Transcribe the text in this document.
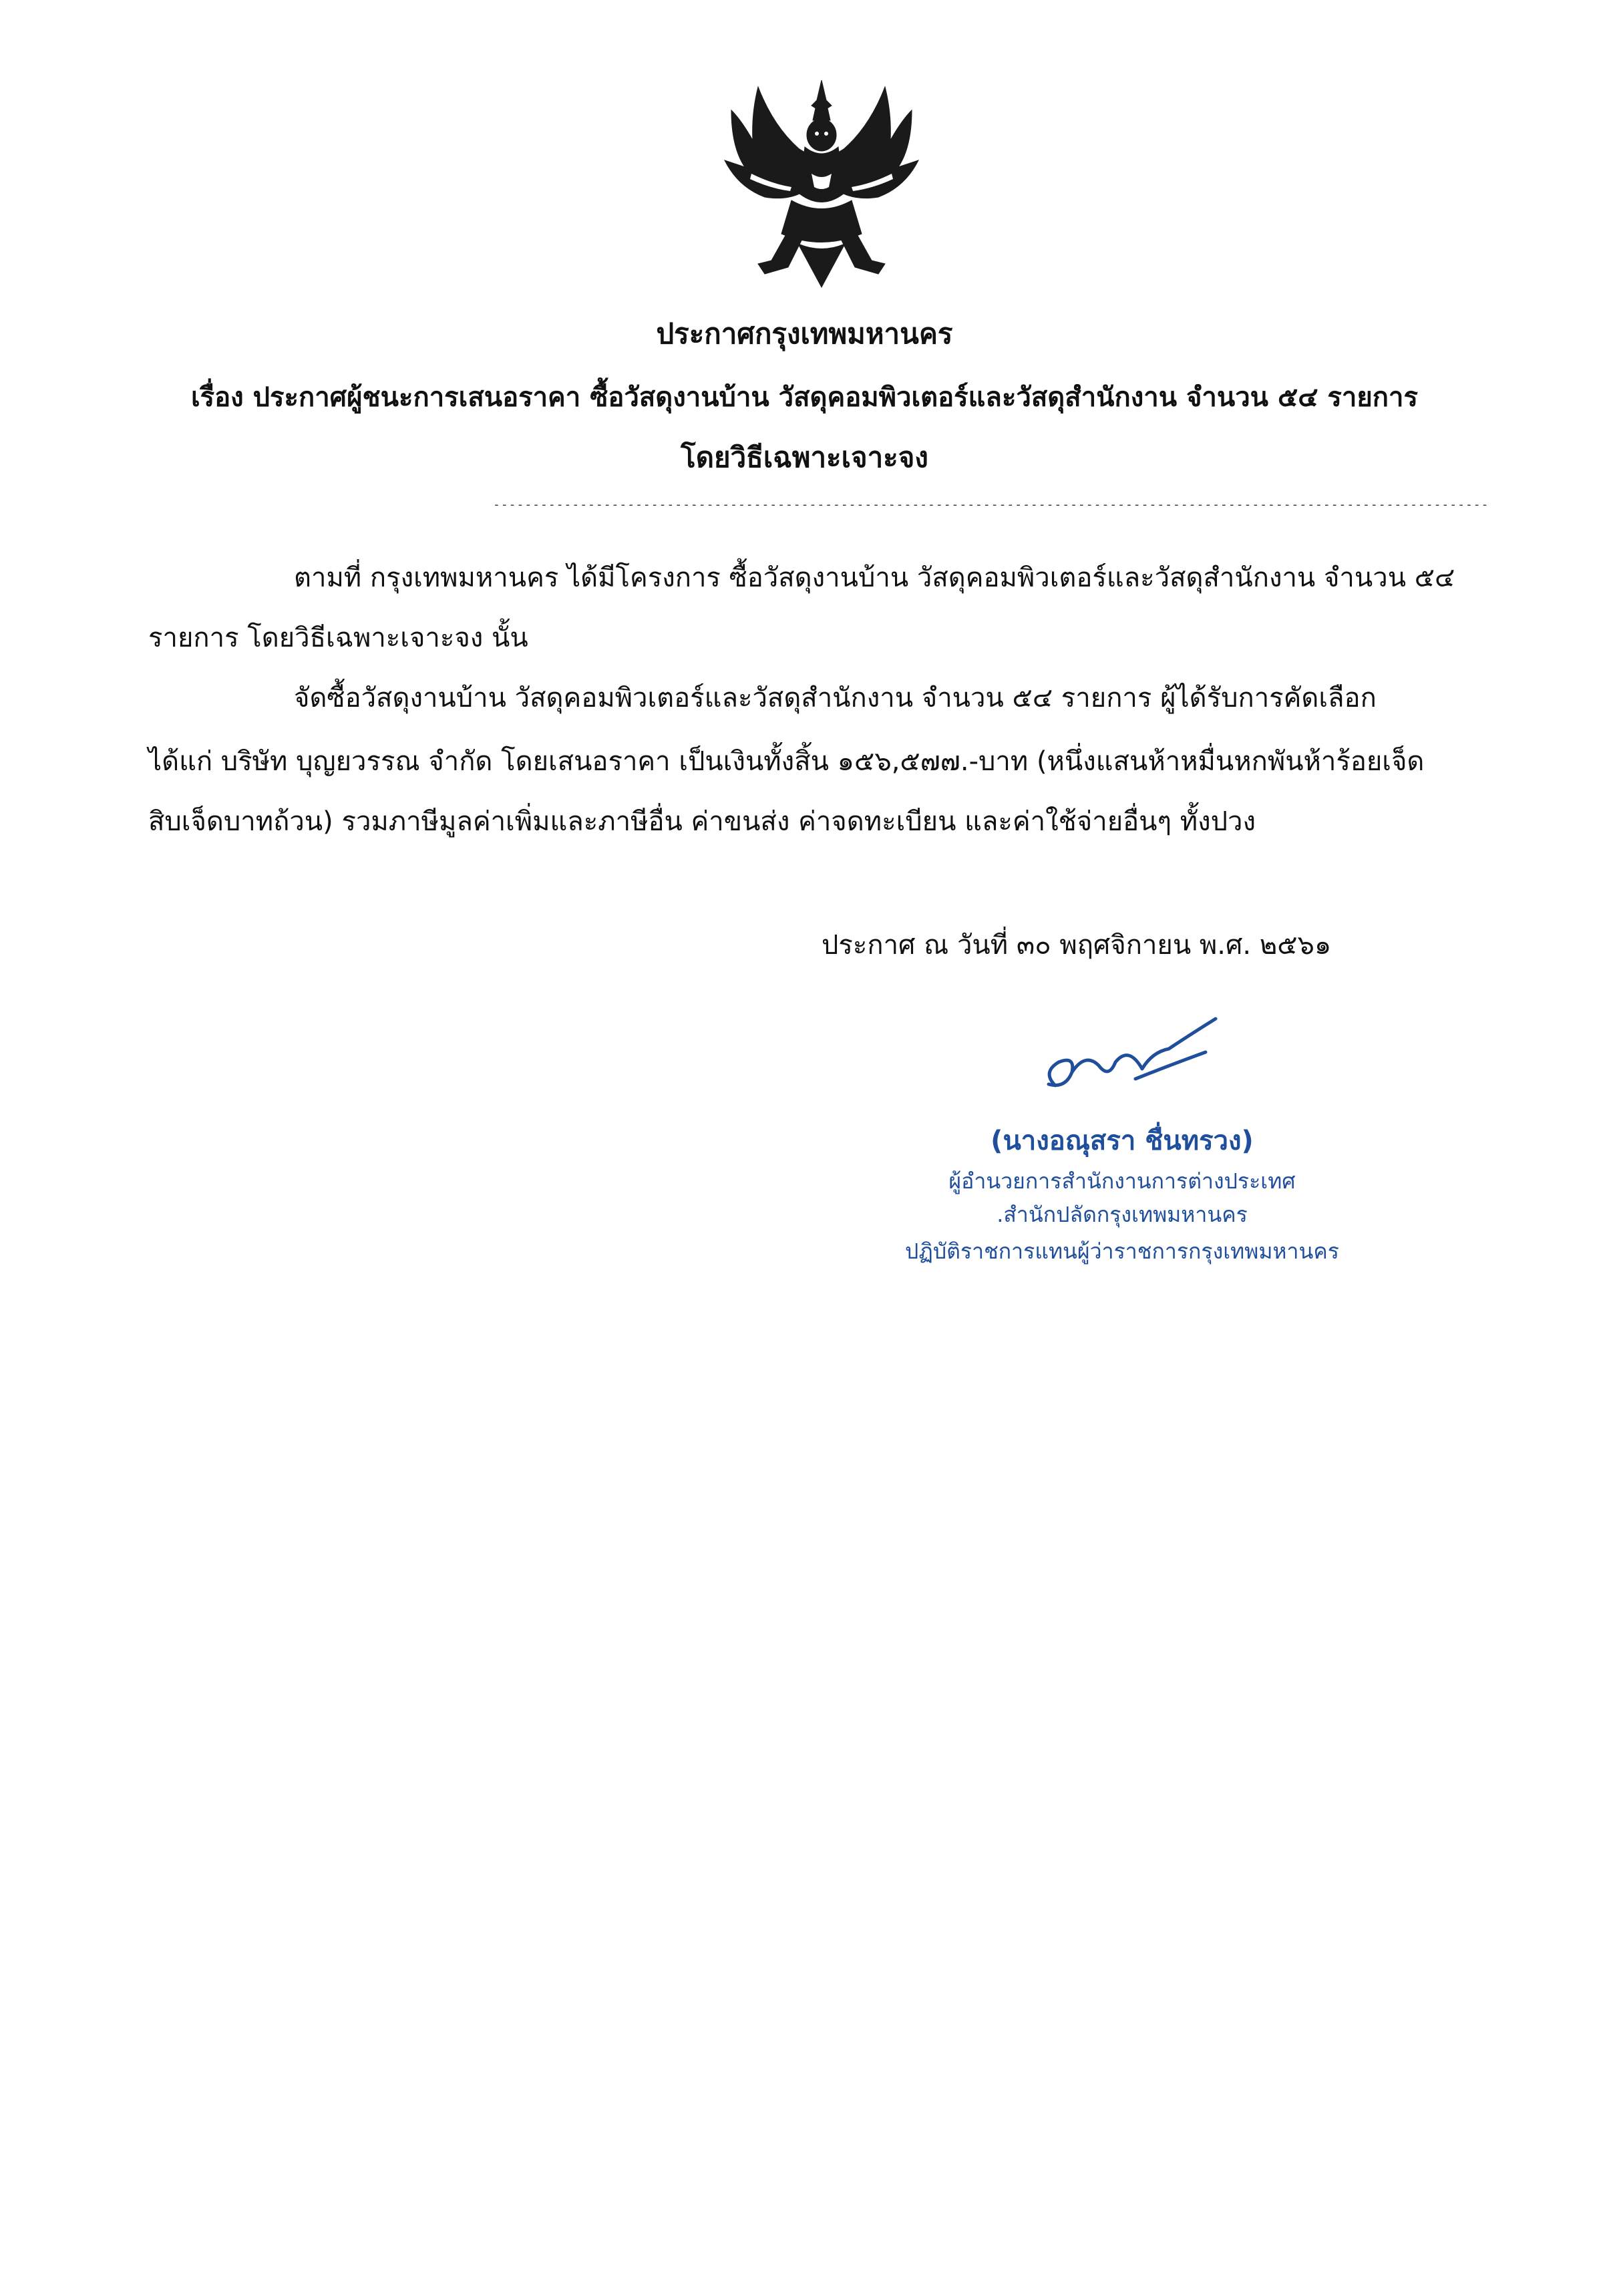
ประกาศกรุงเทพมหานคร
เรื่อง ประกาศผู้ชนะการเสนอราคา ซื้อวัสดุงานบ้าน วัสดุคอมพิวเตอร์และวัสดุสำนักงาน จำนวน ๕๔ รายการ
โดยวิธีเฉพาะเจาะจง
------------------------------------------------------------------------------------------------------------------------------
ตามที่ กรุงเทพมหานคร ได้มีโครงการ ซื้อวัสดุงานบ้าน วัสดุคอมพิวเตอร์และวัสดุสำนักงาน จำนวน ๕๔
รายการ โดยวิธีเฉพาะเจาะจง นั้น
จัดซื้อวัสดุงานบ้าน วัสดุคอมพิวเตอร์และวัสดุสำนักงาน จำนวน ๕๔ รายการ ผู้ได้รับการคัดเลือก
ได้แก่ บริษัท บุญยวรรณ จำกัด โดยเสนอราคา เป็นเงินทั้งสิ้น ๑๕๖,๕๗๗.-บาท (หนึ่งแสนห้าหมื่นหกพันห้าร้อยเจ็ด
สิบเจ็ดบาทถ้วน) รวมภาษีมูลค่าเพิ่มและภาษีอื่น ค่าขนส่ง ค่าจดทะเบียน และค่าใช้จ่ายอื่นๆ ทั้งปวง
ประกาศ ณ วันที่ ๓๐ พฤศจิกายน พ.ศ. ๒๕๖๑
(นางอณุสรา ชื่นทรวง)
ผู้อำนวยการสำนักงานการต่างประเทศ
.สำนักปลัดกรุงเทพมหานคร
ปฏิบัติราชการแทนผู้ว่าราชการกรุงเทพมหานคร
